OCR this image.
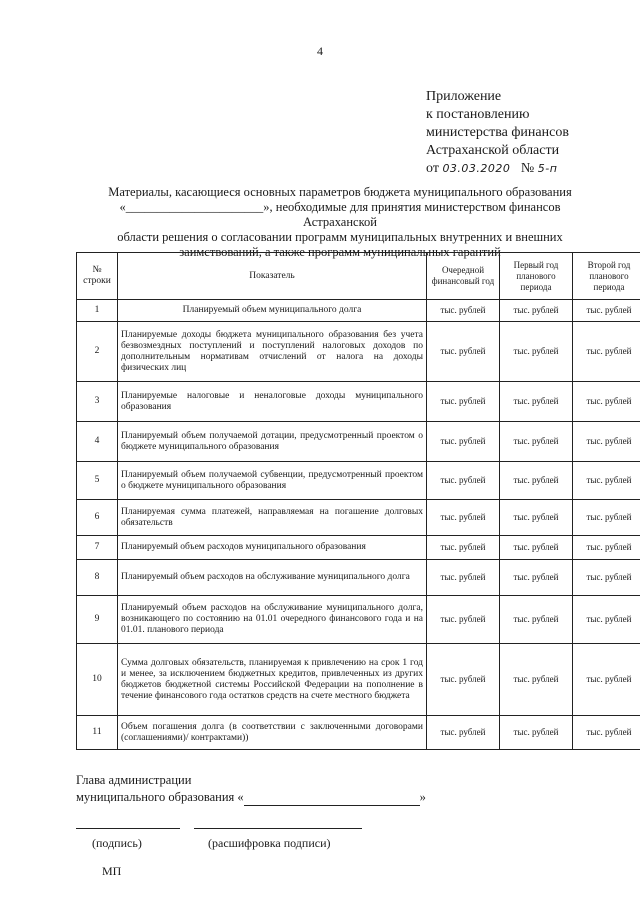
4
Приложение
к постановлению
министерства финансов
Астраханской области
от 03.03.2020 № 5-п
Материалы, касающиеся основных параметров бюджета муниципального образования
«______________________», необходимые для принятия министерством финансов Астраханской
области решения о согласовании программ муниципальных внутренних и внешних
заимствований, а также программ муниципальных гарантий
№ строки	Показатель	Очередной финансовый год	Первый год планового периода	Второй год планового периода
1	Планируемый объем муниципального долга	тыс. рублей	тыс. рублей	тыс. рублей
2	Планируемые доходы бюджета муниципального образования без учета безвозмездных поступлений и поступлений налоговых доходов по дополнительным нормативам отчислений от налога на доходы физических лиц	тыс. рублей	тыс. рублей	тыс. рублей
3	Планируемые налоговые и неналоговые доходы муниципального образования	тыс. рублей	тыс. рублей	тыс. рублей
4	Планируемый объем получаемой дотации, предусмотренный проектом о бюджете муниципального образования	тыс. рублей	тыс. рублей	тыс. рублей
5	Планируемый объем получаемой субвенции, предусмотренный проектом о бюджете муниципального образования	тыс. рублей	тыс. рублей	тыс. рублей
6	Планируемая сумма платежей, направляемая на погашение долговых обязательств	тыс. рублей	тыс. рублей	тыс. рублей
7	Планируемый объем расходов муниципального образования	тыс. рублей	тыс. рублей	тыс. рублей
8	Планируемый объем расходов на обслуживание муниципального долга	тыс. рублей	тыс. рублей	тыс. рублей
9	Планируемый объем расходов на обслуживание муниципального долга, возникающего по состоянию на 01.01 очередного финансового года и на 01.01. планового периода	тыс. рублей	тыс. рублей	тыс. рублей
10	Сумма долговых обязательств, планируемая к привлечению на срок 1 год и менее, за исключением бюджетных кредитов, привлеченных из других бюджетов бюджетной системы Российской Федерации на пополнение в течение финансового года остатков средств на счете местного бюджета	тыс. рублей	тыс. рублей	тыс. рублей
11	Объем погашения долга (в соответствии с заключенными договорами (соглашениями)/ контрактами))	тыс. рублей	тыс. рублей	тыс. рублей
Глава администрации
муниципального образования «	»
(подпись)	(расшифровка подписи)
МП
